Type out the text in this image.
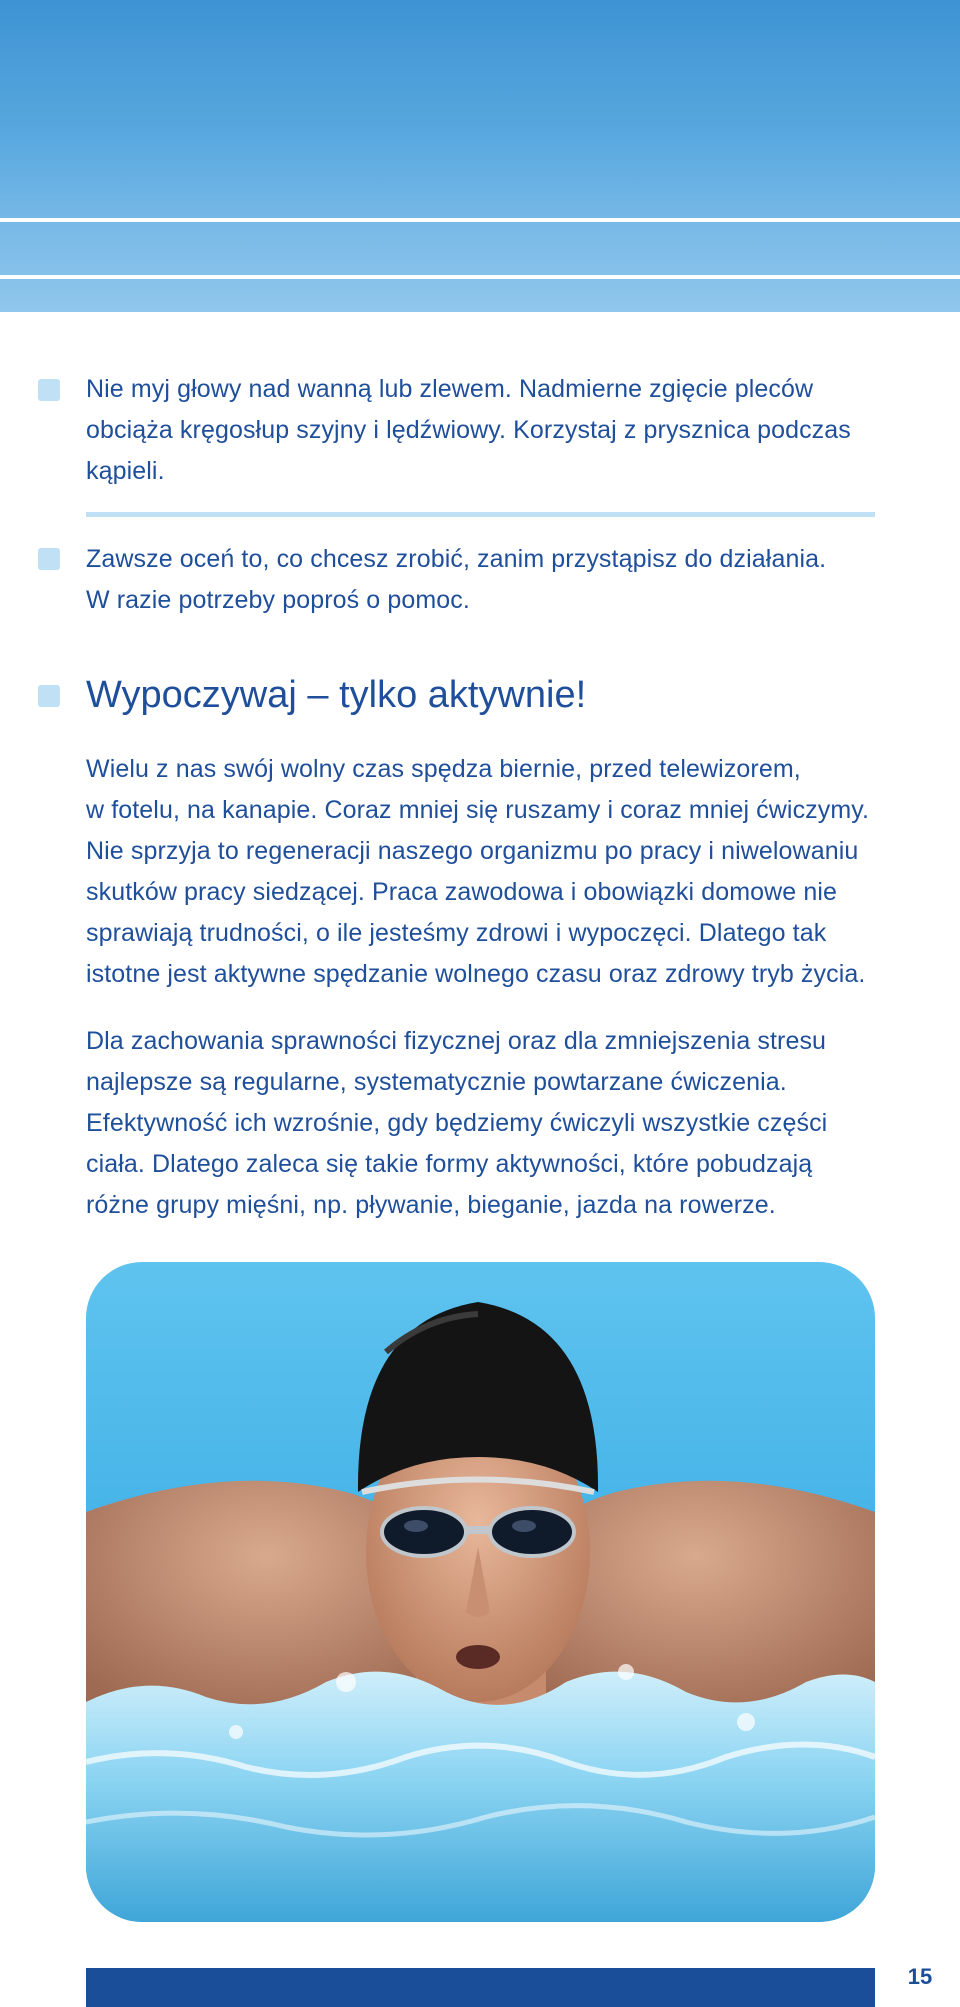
Nie myj głowy nad wanną lub zlewem. Nadmierne zgięcie pleców
obciąża kręgosłup szyjny i lędźwiowy. Korzystaj z prysznica podczas
kąpieli.
Zawsze oceń to, co chcesz zrobić, zanim przystąpisz do działania.
W razie potrzeby poproś o pomoc.
Wypoczywaj – tylko aktywnie!
Wielu z nas swój wolny czas spędza biernie, przed telewizorem,
w fotelu, na kanapie. Coraz mniej się ruszamy i coraz mniej ćwiczymy.
Nie sprzyja to regeneracji naszego organizmu po pracy i niwelowaniu
skutków pracy siedzącej. Praca zawodowa i obowiązki domowe nie
sprawiają trudności, o ile jesteśmy zdrowi i wypoczęci. Dlatego tak
istotne jest aktywne spędzanie wolnego czasu oraz zdrowy tryb życia.
Dla zachowania sprawności fizycznej oraz dla zmniejszenia stresu
najlepsze są regularne, systematycznie powtarzane ćwiczenia.
Efektywność ich wzrośnie, gdy będziemy ćwiczyli wszystkie części
ciała. Dlatego zaleca się takie formy aktywności, które pobudzają
różne grupy mięśni, np. pływanie, bieganie, jazda na rowerze.
15
